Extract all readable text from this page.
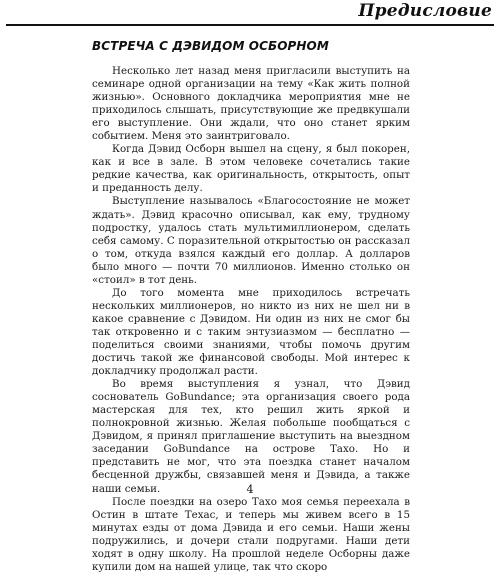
Предисловие
ВСТРЕЧА С ДЭВИДОМ ОСБОРНОМ

Несколько лет назад меня пригласили выступить на семинаре одной организации на тему «Как жить полной жизнью». Основного докладчика мероприятия мне не приходилось слышать, присутствующие же предвкушали его выступление. Они ждали, что оно станет ярким событием. Меня это заинтриговало.

Когда Дэвид Осборн вышел на сцену, я был покорен, как и все в зале. В этом человеке сочетались такие редкие качества, как оригинальность, открытость, опыт и преданность делу.

Выступление называлось «Благосостояние не может ждать». Дэвид красочно описывал, как ему, трудному подростку, удалось стать мультимиллионером, сделать себя самому. С поразительной открытостью он рассказал о том, откуда взялся каждый его доллар. А долларов было много — почти 70 миллионов. Именно столько он «стоил» в тот день.

До того момента мне приходилось встречать нескольких миллионеров, но никто из них не шел ни в какое сравнение с Дэвидом. Ни один из них не смог бы так откровенно и с таким энтузиазмом — бесплатно — поделиться своими знаниями, чтобы помочь другим достичь такой же финансовой свободы. Мой интерес к докладчику продолжал расти.

Во время выступления я узнал, что Дэвид соснователь GoBundance; эта организация своего рода мастерская для тех, кто решил жить яркой и полнокровной жизнью. Желая побольше пообщаться с Дэвидом, я принял приглашение выступить на выездном заседании GoBundance на острове Тахо. Но и представить не мог, что эта поездка станет началом бесценной дружбы, связавшей меня и Дэвида, а также наши семьи.

После поездки на озеро Тахо моя семья переехала в Остин в штате Техас, и теперь мы живем всего в 15 минутах езды от дома Дэвида и его семьи. Наши жены подружились, и дочери стали подругами. Наши дети ходят в одну школу. На прошлой неделе Осборны даже купили дом на нашей улице, так что скоро

4
